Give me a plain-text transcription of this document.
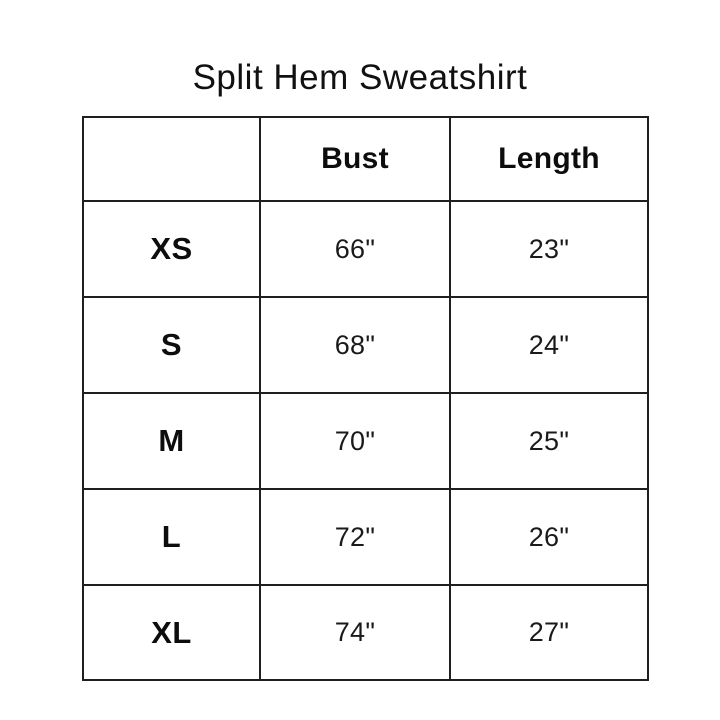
Split Hem Sweatshirt
	Bust	Length
XS	66"	23"
S	68"	24"
M	70"	25"
L	72"	26"
XL	74"	27"
